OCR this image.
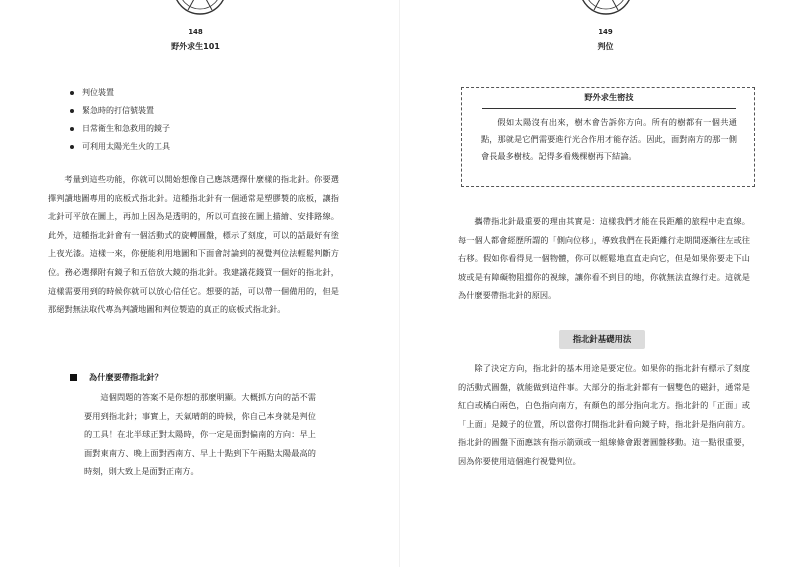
148
野外求生101
判位裝置
緊急時的打信號裝置
日常衛生和急救用的鏡子
可利用太陽光生火的工具

考量到這些功能，你就可以開始想像自己應該選擇什麼樣的指北針。你要選擇判讀地圖專用的底板式指北針。這種指北針有一個通常是塑膠製的底板，讓指北針可平放在圖上，再加上因為是透明的，所以可直接在圖上描繪、安排路線。此外，這種指北針會有一個活動式的旋轉圓盤，標示了刻度，可以的話最好有塗上夜光漆。這樣一來，你便能利用地圖和下面會討論到的視覺判位法輕鬆判斷方位。務必選擇附有鏡子和五倍放大鏡的指北針。我建議花錢買一個好的指北針，這樣需要用到的時候你就可以放心信任它。想要的話，可以帶一個備用的，但是那絕對無法取代專為判讀地圖和判位製造的真正的底板式指北針。

為什麼要帶指北針？

這個問題的答案不是你想的那麼明顯。大概抓方向的話不需要用到指北針；事實上，天氣晴朗的時候，你自己本身就是判位的工具！在北半球正對太陽時，你一定是面對偏南的方向：早上面對東南方、晚上面對西南方、早上十點到下午兩點太陽最高的時刻，則大致上是面對正南方。

149
判位
野外求生密技

假如太陽沒有出來，樹木會告訴你方向。所有的樹都有一個共通點，那就是它們需要進行光合作用才能存活。因此，面對南方的那一側會長最多樹枝。記得多看幾棵樹再下結論。

攜帶指北針最重要的理由其實是：這樣我們才能在長距離的旅程中走直線。每一個人都會經歷所謂的「側向位移」，導致我們在長距離行走期間逐漸往左或往右移。假如你看得見一個物體，你可以輕鬆地直直走向它，但是如果你要走下山坡或是有障礙物阻擋你的視線，讓你看不到目的地，你就無法直線行走。這就是為什麼要帶指北針的原因。

指北針基礎用法

除了決定方向，指北針的基本用途是要定位。如果你的指北針有標示了刻度的活動式圓盤，就能做到這件事。大部分的指北針都有一個雙色的磁針，通常是紅白或橘白兩色，白色指向南方，有顏色的部分指向北方。指北針的「正面」或「上面」是鏡子的位置，所以當你打開指北針看向鏡子時，指北針是指向前方。指北針的圓盤下面應該有指示箭頭或一組線條會跟著圓盤移動。這一點很重要，因為你要使用這個進行視覺判位。
